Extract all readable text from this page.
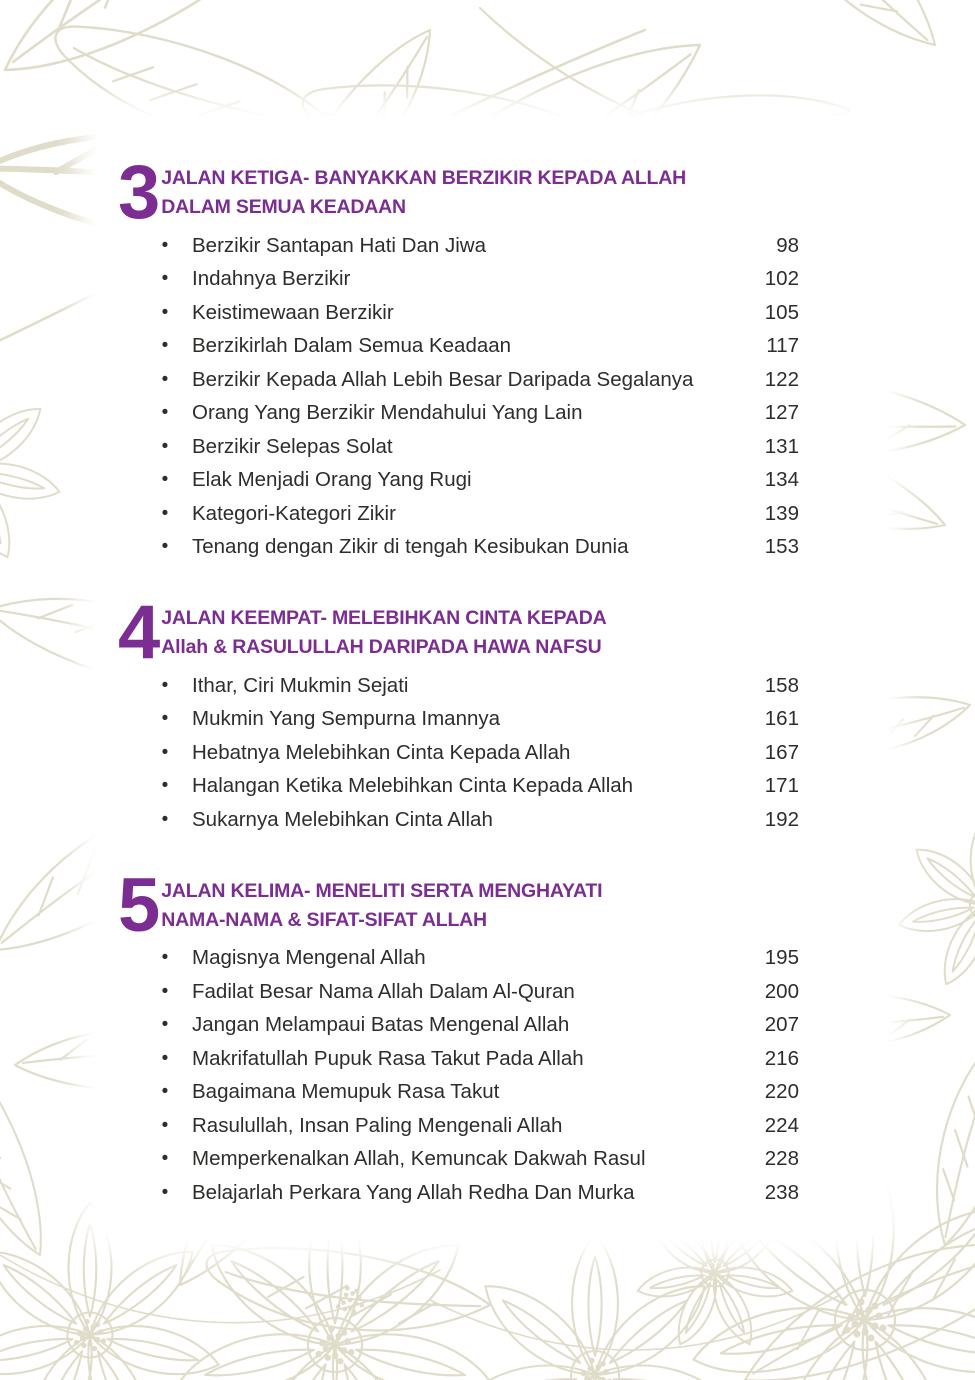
3 JALAN KETIGA- BANYAKKAN BERZIKIR KEPADA ALLAH
DALAM SEMUA KEADAAN
• Berzikir Santapan Hati Dan Jiwa	98
• Indahnya Berzikir	102
• Keistimewaan Berzikir	105
• Berzikirlah Dalam Semua Keadaan	117
• Berzikir Kepada Allah Lebih Besar Daripada Segalanya	122
• Orang Yang Berzikir Mendahului Yang Lain	127
• Berzikir Selepas Solat	131
• Elak Menjadi Orang Yang Rugi	134
• Kategori-Kategori Zikir	139
• Tenang dengan Zikir di tengah Kesibukan Dunia	153
4 JALAN KEEMPAT- MELEBIHKAN CINTA KEPADA
Allah & RASULULLAH DARIPADA HAWA NAFSU
• Ithar, Ciri Mukmin Sejati	158
• Mukmin Yang Sempurna Imannya	161
• Hebatnya Melebihkan Cinta Kepada Allah	167
• Halangan Ketika Melebihkan Cinta Kepada Allah	171
• Sukarnya Melebihkan Cinta Allah	192
5 JALAN KELIMA- MENELITI SERTA MENGHAYATI
NAMA-NAMA & SIFAT-SIFAT ALLAH
• Magisnya Mengenal Allah	195
• Fadilat Besar Nama Allah Dalam Al-Quran	200
• Jangan Melampaui Batas Mengenal Allah	207
• Makrifatullah Pupuk Rasa Takut Pada Allah	216
• Bagaimana Memupuk Rasa Takut	220
• Rasulullah, Insan Paling Mengenali Allah	224
• Memperkenalkan Allah, Kemuncak Dakwah Rasul	228
• Belajarlah Perkara Yang Allah Redha Dan Murka	238
